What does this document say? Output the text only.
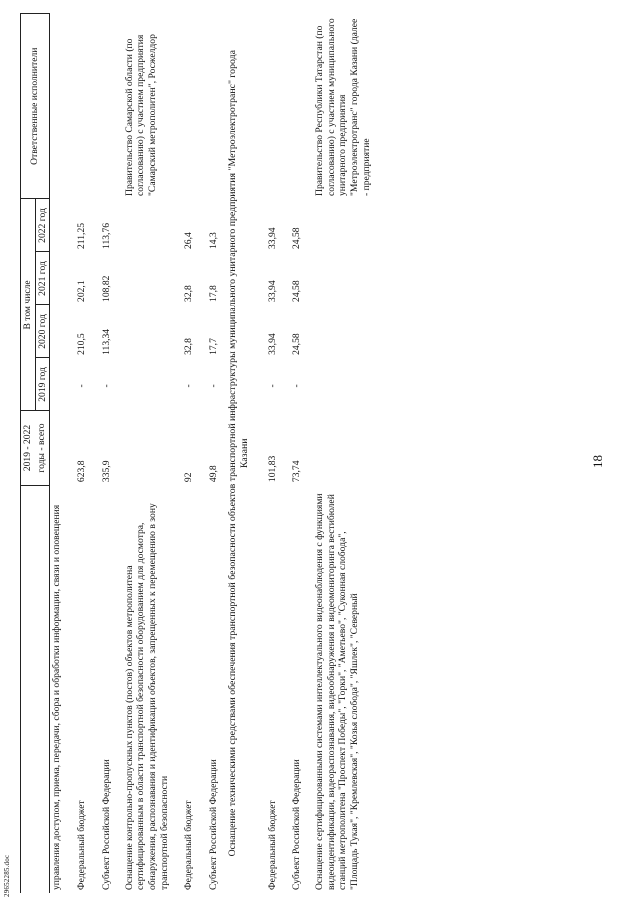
18
	2019 - 2022	В том числе				Ответственные исполнители
	годы - всего	2019 год	2020 год	2021 год	2022 год	
управления доступом, приема, передачи, сбора и обработки информации, связи и оповещения						
Федеральный бюджет	623,8	-	210,5	202,1	211,25	
Субъект Российской Федерации	335,9	-	113,34	108,82	113,76	
Оснащение контрольно-пропускных пунктов (постов) объектов метрополитена сертифицированным в области транспортной безопасности оборудованием для досмотра, обнаружения, распознавания и идентификации объектов, запрещенных к перемещению в зону транспортной безопасности						Правительство Самарской области (по согласованию) с участием предприятия "Самарский метрополитен", Росжелдор
Федеральный бюджет	92	-	32,8	32,8	26,4	
Субъект Российской Федерации	49,8	-	17,7	17,8	14,3	
Оснащение техническими средствами обеспечения транспортной безопасности объектов транспортной инфраструктуры муниципального унитарного предприятия "Метроэлектротранс" города Казани						
Федеральный бюджет	101,83	-	33,94	33,94	33,94	
Субъект Российской Федерации	73,74	-	24,58	24,58	24,58	
Оснащение сертифицированными системами интеллектуального видеонаблюдения с функциями видеоидентификации, видеораспознавания, видеообнаружения и видеомониторинга вестибюлей станций метрополитена "Проспект Победы", "Горки", "Аметьево", "Суконная слобода", "Площадь Тукая", "Кремлевская", "Козья слобода", "Яшлек", "Северный						Правительство Республики Татарстан (по согласованию) с участием муниципального унитарного предприятия "Метроэлектротранс" города Казани (далее - предприятие
29652285.doc
